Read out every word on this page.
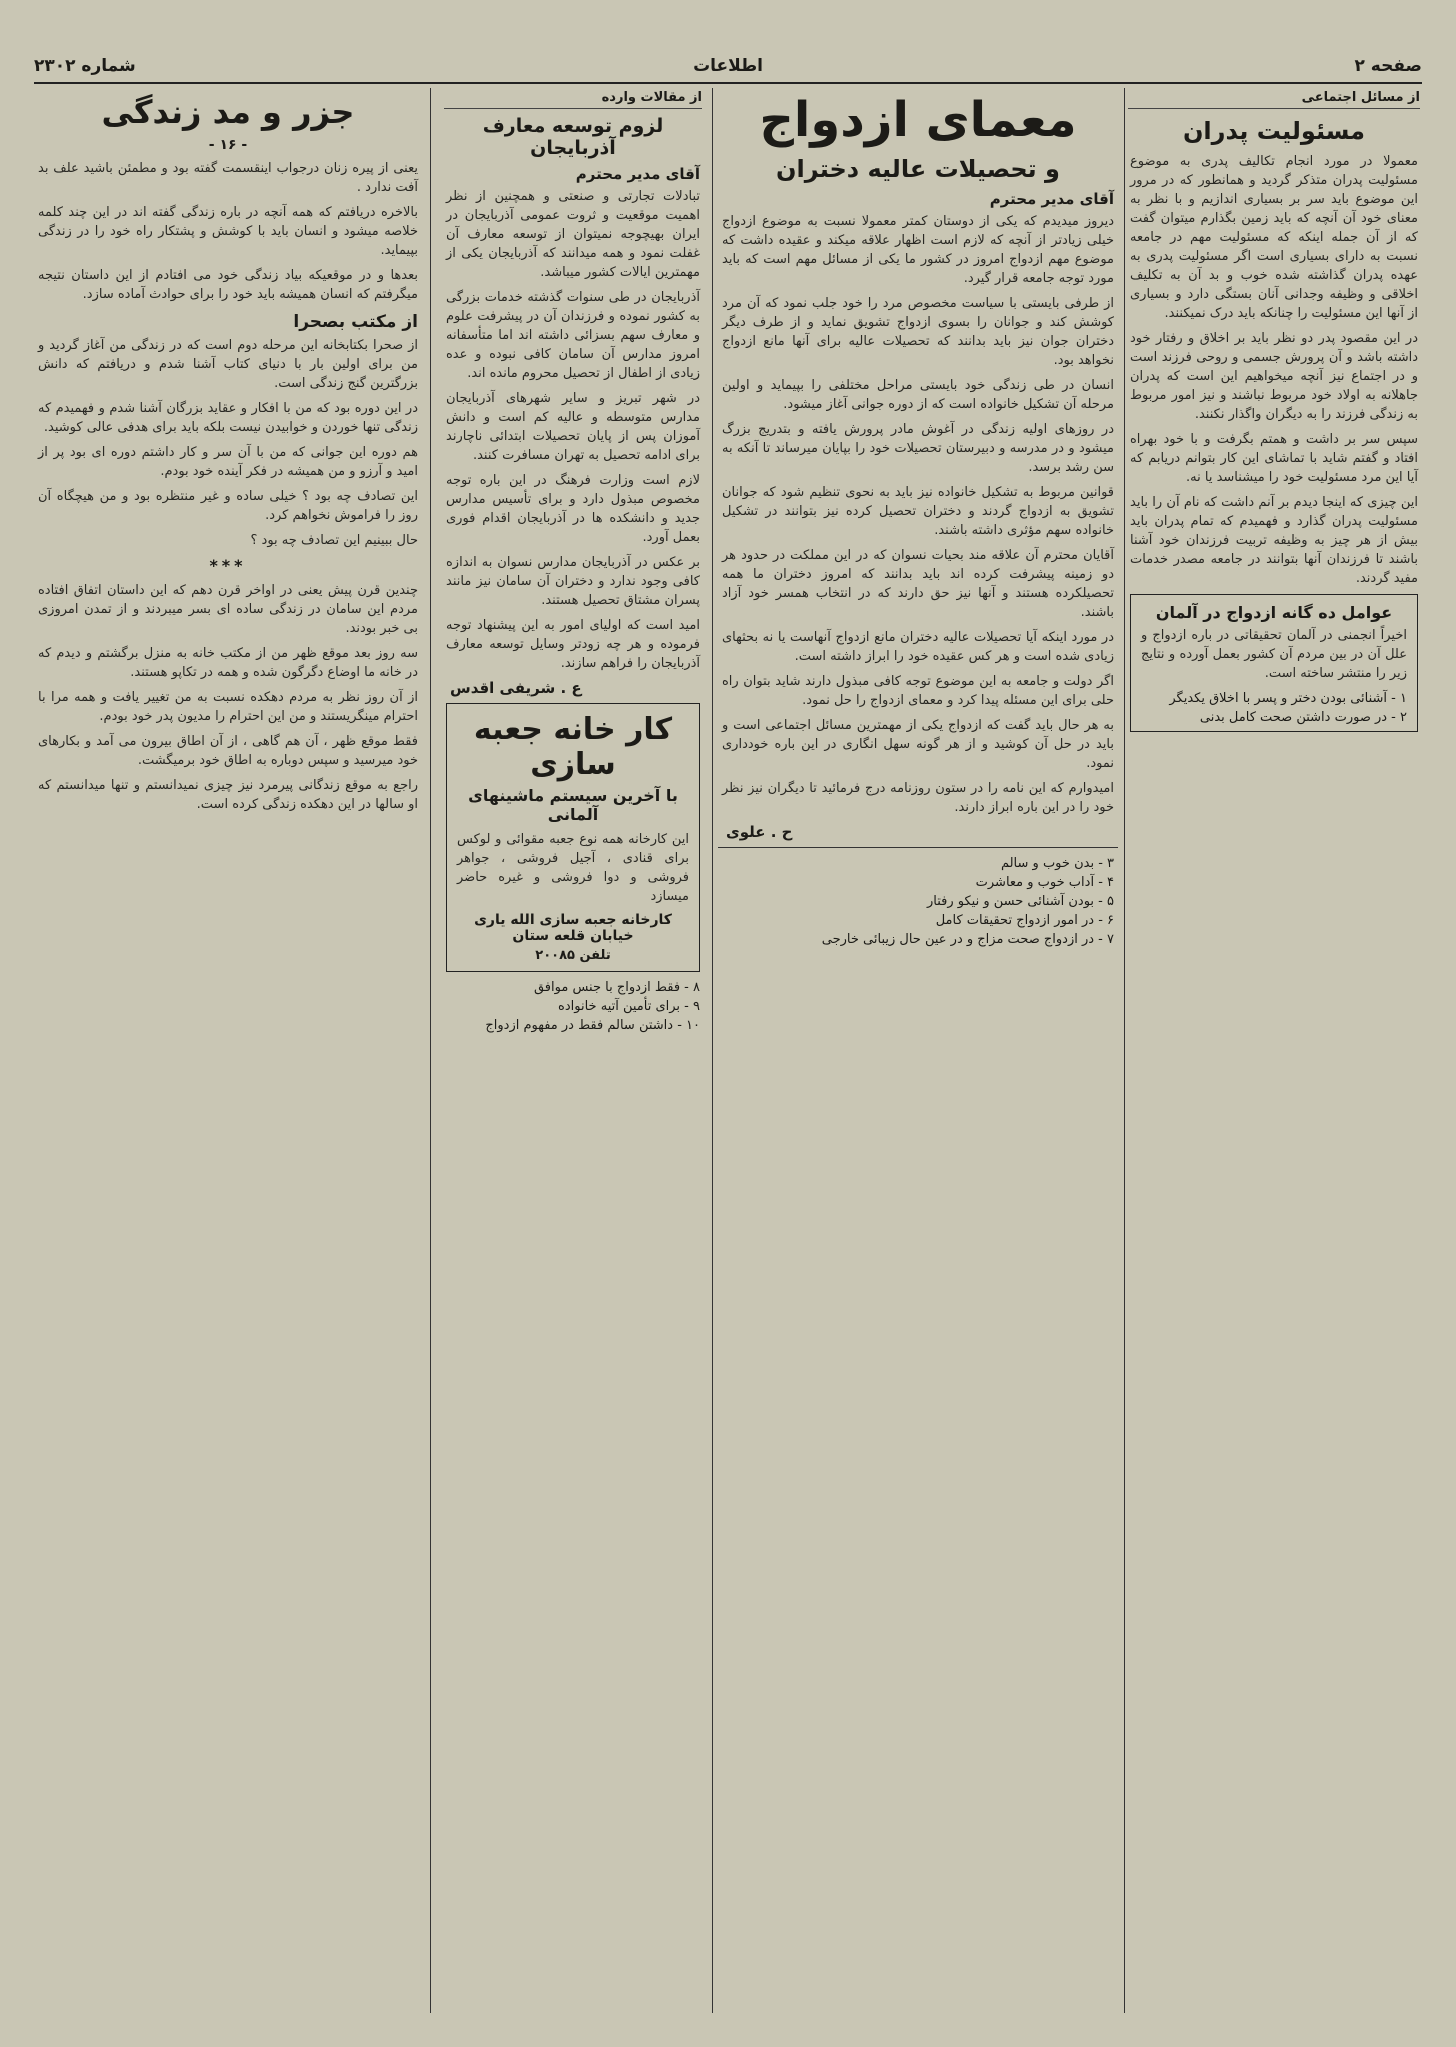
صفحه ۲
اطلاعات
شماره ۲۳۰۲
از مسائل اجتماعی
مسئولیت پدران

معمولا در مورد انجام تکالیف پدری به موضوع مسئولیت پدران متذکر گردید و همانطور که در مرور این موضوع باید سر بر بسیاری اندازیم و با نظر به معنای خود آن آنچه که باید زمین بگذارم میتوان گفت که از آن جمله اینکه که مسئولیت مهم در جامعه نسبت به دارای بسیاری است اگر مسئولیت پدری به عهده پدران گذاشته شده خوب و بد آن به تکلیف اخلاقی و وظیفه وجدانی آنان بستگی دارد و بسیاری از آنها این مسئولیت را چنانکه باید درک نمیکنند.

در این مقصود پدر دو نظر باید بر اخلاق و رفتار خود داشته باشد و آن پرورش جسمی و روحی فرزند است و در اجتماع نیز آنچه میخواهیم این است که پدران جاهلانه به اولاد خود مربوط نباشند و نیز امور مربوط به زندگی فرزند را به دیگران واگذار نکنند.

سپس سر بر داشت و همتم بگرفت و با خود بهراه افتاد و گفتم شاید با تماشای این کار بتوانم دریابم که آیا این مرد مسئولیت خود را میشناسد یا نه.

این چیزی که اینجا دیدم بر آنم داشت که نام آن را باید مسئولیت پدران گذارد و فهمیدم که تمام پدران باید بیش از هر چیز به وظیفه تربیت فرزندان خود آشنا باشند تا فرزندان آنها بتوانند در جامعه مصدر خدمات مفید گردند.

عوامل ده گانه ازدواج در آلمان

اخیراً انجمنی در آلمان تحقیقاتی در باره ازدواج و علل آن در بین مردم آن کشور بعمل آورده و نتایج زیر را منتشر ساخته است.

۱ - آشنائی بودن دختر و پسر با اخلاق یکدیگر
۲ - در صورت داشتن صحت کامل بدنی
معمای ازدواج
و تحصیلات عالیه دختران
آقای مدیر محترم

دیروز میدیدم که یکی از دوستان کمتر معمولا نسبت به موضوع ازدواج خیلی زیادتر از آنچه که لازم است اظهار علاقه میکند و عقیده داشت که موضوع مهم ازدواج امروز در کشور ما یکی از مسائل مهم است که باید مورد توجه جامعه قرار گیرد.

از طرفی بایستی با سیاست مخصوص مرد را خود جلب نمود که آن مرد کوشش کند و جوانان را بسوی ازدواج تشویق نماید و از طرف دیگر دختران جوان نیز باید بدانند که تحصیلات عالیه برای آنها مانع ازدواج نخواهد بود.

انسان در طی زندگی خود بایستی مراحل مختلفی را بپیماید و اولین مرحله آن تشکیل خانواده است که از دوره جوانی آغاز میشود.

در روزهای اولیه زندگی در آغوش مادر پرورش یافته و بتدریج بزرگ میشود و در مدرسه و دبیرستان تحصیلات خود را بپایان میرساند تا آنکه به سن رشد برسد.

قوانین مربوط به تشکیل خانواده نیز باید به نحوی تنظیم شود که جوانان تشویق به ازدواج گردند و دختران تحصیل کرده نیز بتوانند در تشکیل خانواده سهم مؤثری داشته باشند.

آقایان محترم آن علاقه مند بحیات نسوان که در این مملکت در حدود هر دو زمینه پیشرفت کرده اند باید بدانند که امروز دختران ما همه تحصیلکرده هستند و آنها نیز حق دارند که در انتخاب همسر خود آزاد باشند.

در مورد اینکه آیا تحصیلات عالیه دختران مانع ازدواج آنهاست یا نه بحثهای زیادی شده است و هر کس عقیده خود را ابراز داشته است.

اگر دولت و جامعه به این موضوع توجه کافی مبذول دارند شاید بتوان راه حلی برای این مسئله پیدا کرد و معمای ازدواج را حل نمود.

به هر حال باید گفت که ازدواج یکی از مهمترین مسائل اجتماعی است و باید در حل آن کوشید و از هر گونه سهل انگاری در این باره خودداری نمود.

امیدوارم که این نامه را در ستون روزنامه درج فرمائید تا دیگران نیز نظر خود را در این باره ابراز دارند.

ح . علوی
۳ - بدن خوب و سالم
۴ - آداب خوب و معاشرت
۵ - بودن آشنائی حسن و نیکو رفتار
۶ - در امور ازدواج تحقیقات کامل
۷ - در ازدواج صحت مزاج و در عین حال زیبائی خارجی
از مقالات وارده
لزوم توسعه معارف آذربایجان
آقای مدیر محترم

تبادلات تجارتی و صنعتی و همچنین از نظر اهمیت موقعیت و ثروت عمومی آذربایجان در ایران بهیچوجه نمیتوان از توسعه معارف آن غفلت نمود و همه میدانند که آذربایجان یکی از مهمترین ایالات کشور میباشد.

آذربایجان در طی سنوات گذشته خدمات بزرگی به کشور نموده و فرزندان آن در پیشرفت علوم و معارف سهم بسزائی داشته اند اما متأسفانه امروز مدارس آن سامان کافی نبوده و عده زیادی از اطفال از تحصیل محروم مانده اند.

در شهر تبریز و سایر شهرهای آذربایجان مدارس متوسطه و عالیه کم است و دانش آموزان پس از پایان تحصیلات ابتدائی ناچارند برای ادامه تحصیل به تهران مسافرت کنند.

لازم است وزارت فرهنگ در این باره توجه مخصوص مبذول دارد و برای تأسیس مدارس جدید و دانشکده ها در آذربایجان اقدام فوری بعمل آورد.

بر عکس در آذربایجان مدارس نسوان به اندازه کافی وجود ندارد و دختران آن سامان نیز مانند پسران مشتاق تحصیل هستند.

امید است که اولیای امور به این پیشنهاد توجه فرموده و هر چه زودتر وسایل توسعه معارف آذربایجان را فراهم سازند.

ع . شریفی اقدس
کار خانه جعبه سازی
با آخرین سیستم ماشینهای آلمانی

این کارخانه همه نوع جعبه مقوائی و لوکس برای قنادی ، آجیل فروشی ، جواهر فروشی و دوا فروشی و غیره حاضر میسازد

کارخانه جعبه سازی الله یاری خیابان قلعه ستان
تلفن ۲۰۰۸۵
۸ - فقط ازدواج با جنس موافق
۹ - برای تأمین آتیه خانواده
۱۰ - داشتن سالم فقط در مفهوم ازدواج
جزر و مد زندگی
- ۱۶ -

یعنی از پیره زنان درجواب اینقسمت گفته بود و مطمئن باشید علف بد آفت ندارد .

بالاخره دریافتم که همه آنچه در باره زندگی گفته اند در این چند کلمه خلاصه میشود و انسان باید با کوشش و پشتکار راه خود را در زندگی بپیماید.

بعدها و در موقعیکه بیاد زندگی خود می افتادم از این داستان نتیجه میگرفتم که انسان همیشه باید خود را برای حوادث آماده سازد.

از مکتب بصحرا

از صحرا بکتابخانه این مرحله دوم است که در زندگی من آغاز گردید و من برای اولین بار با دنیای کتاب آشنا شدم و دریافتم که دانش بزرگترین گنج زندگی است.

در این دوره بود که من با افکار و عقاید بزرگان آشنا شدم و فهمیدم که زندگی تنها خوردن و خوابیدن نیست بلکه باید برای هدفی عالی کوشید.

هم دوره این جوانی که من با آن سر و کار داشتم دوره ای بود پر از امید و آرزو و من همیشه در فکر آینده خود بودم.

این تصادف چه بود ؟ خیلی ساده و غیر منتظره بود و من هیچگاه آن روز را فراموش نخواهم کرد.

حال ببینیم این تصادف چه بود ؟

***

چندین قرن پیش یعنی در اواخر قرن دهم که این داستان اتفاق افتاده مردم این سامان در زندگی ساده ای بسر میبردند و از تمدن امروزی بی خبر بودند.

سه روز بعد موقع ظهر من از مکتب خانه به منزل برگشتم و دیدم که در خانه ما اوضاع دگرگون شده و همه در تکاپو هستند.

از آن روز نظر به مردم دهکده نسبت به من تغییر یافت و همه مرا با احترام مینگریستند و من این احترام را مدیون پدر خود بودم.

فقط موقع ظهر ، آن هم گاهی ، از آن اطاق بیرون می آمد و بکارهای خود میرسید و سپس دوباره به اطاق خود برمیگشت.

راجع به موقع زندگانی پیرمرد نیز چیزی نمیدانستم و تنها میدانستم که او سالها در این دهکده زندگی کرده است.
